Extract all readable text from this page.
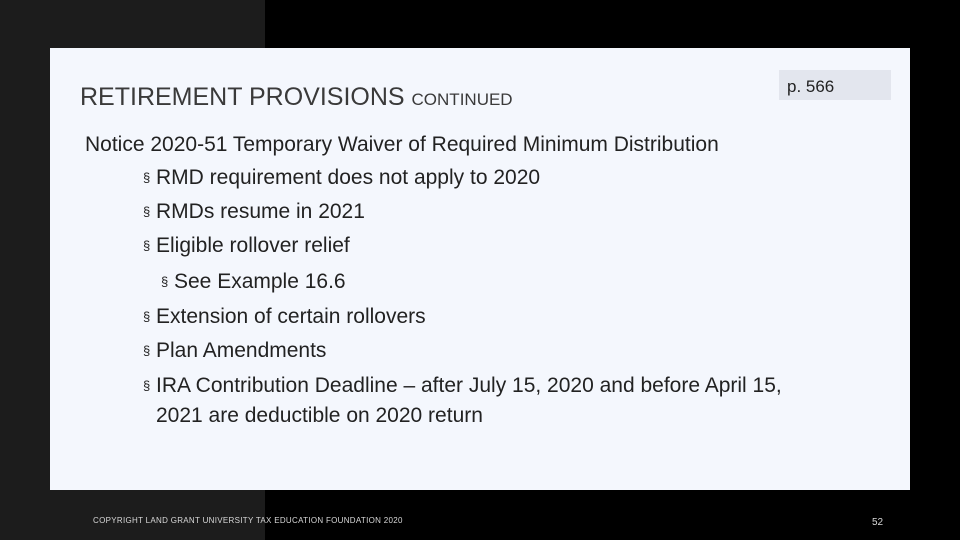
RETIREMENT PROVISIONS CONTINUED
p. 566
Notice 2020-51 Temporary Waiver of Required Minimum Distribution
§ RMD requirement does not apply to 2020
§ RMDs resume in 2021
§ Eligible rollover relief
§ See Example 16.6
§ Extension of certain rollovers
§ Plan Amendments
§ IRA Contribution Deadline – after July 15, 2020 and before April 15,
2021 are deductible on 2020 return
COPYRIGHT LAND GRANT UNIVERSITY TAX EDUCATION FOUNDATION 2020	52
